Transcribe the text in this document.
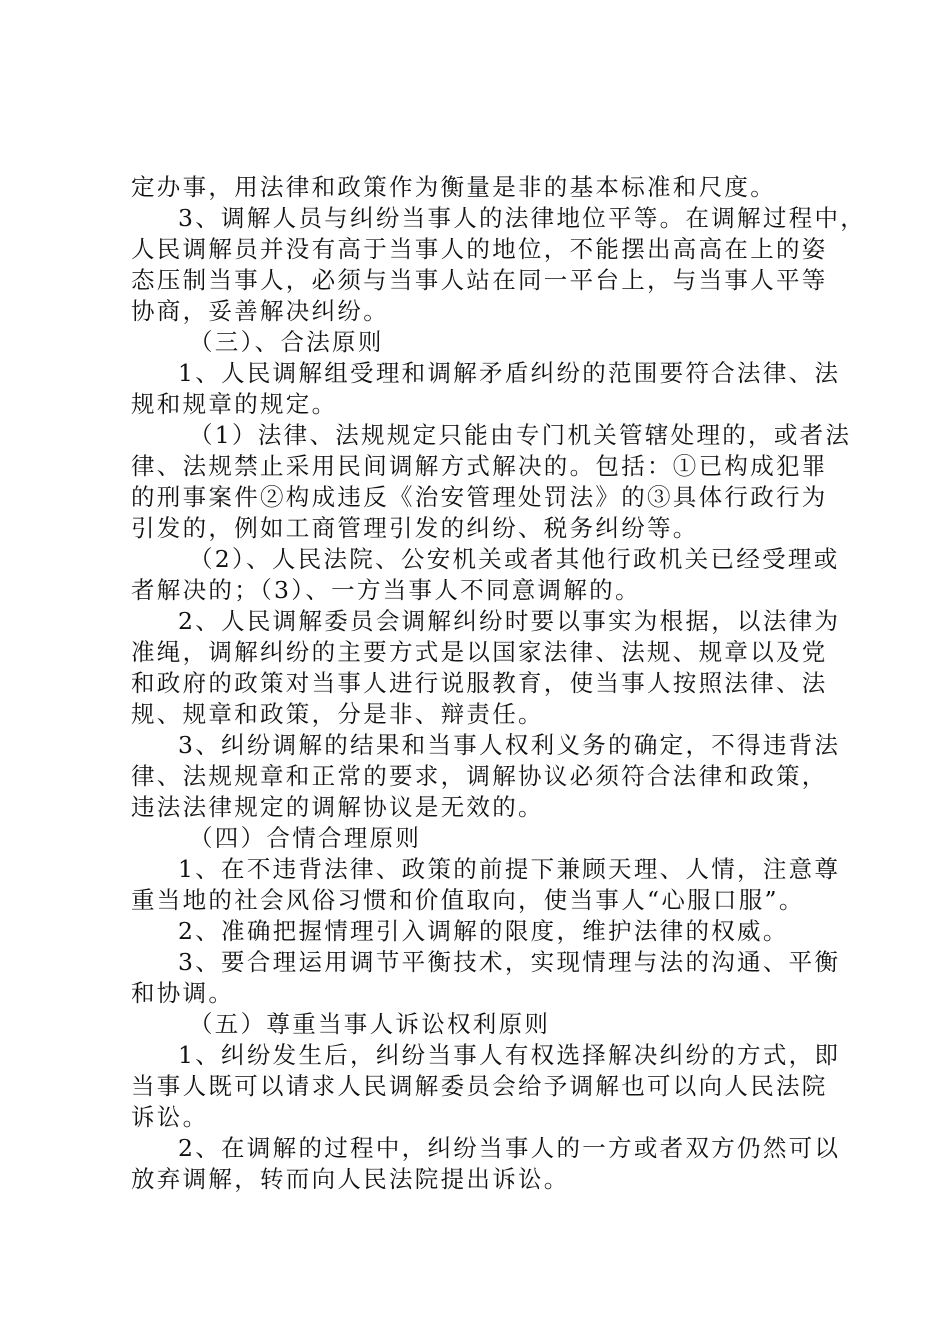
定办事，用法律和政策作为衡量是非的基本标准和尺度。
3、调解人员与纠纷当事人的法律地位平等。在调解过程中，
人民调解员并没有高于当事人的地位，不能摆出高高在上的姿
态压制当事人，必须与当事人站在同一平台上，与当事人平等
协商，妥善解决纠纷。
（三）、合法原则
1、人民调解组受理和调解矛盾纠纷的范围要符合法律、法
规和规章的规定。
（1）法律、法规规定只能由专门机关管辖处理的，或者法
律、法规禁止采用民间调解方式解决的。包括：①已构成犯罪
的刑事案件②构成违反《治安管理处罚法》的③具体行政行为
引发的，例如工商管理引发的纠纷、税务纠纷等。
（2）、人民法院、公安机关或者其他行政机关已经受理或
者解决的；（3）、一方当事人不同意调解的。
2、人民调解委员会调解纠纷时要以事实为根据，以法律为
准绳，调解纠纷的主要方式是以国家法律、法规、规章以及党
和政府的政策对当事人进行说服教育，使当事人按照法律、法
规、规章和政策，分是非、辩责任。
3、纠纷调解的结果和当事人权利义务的确定，不得违背法
律、法规规章和正常的要求，调解协议必须符合法律和政策，
违法法律规定的调解协议是无效的。
（四）合情合理原则
1、在不违背法律、政策的前提下兼顾天理、人情，注意尊
重当地的社会风俗习惯和价值取向，使当事人“心服口服”。
2、准确把握情理引入调解的限度，维护法律的权威。
3、要合理运用调节平衡技术，实现情理与法的沟通、平衡
和协调。
（五）尊重当事人诉讼权利原则
1、纠纷发生后，纠纷当事人有权选择解决纠纷的方式，即
当事人既可以请求人民调解委员会给予调解也可以向人民法院
诉讼。
2、在调解的过程中，纠纷当事人的一方或者双方仍然可以
放弃调解，转而向人民法院提出诉讼。
